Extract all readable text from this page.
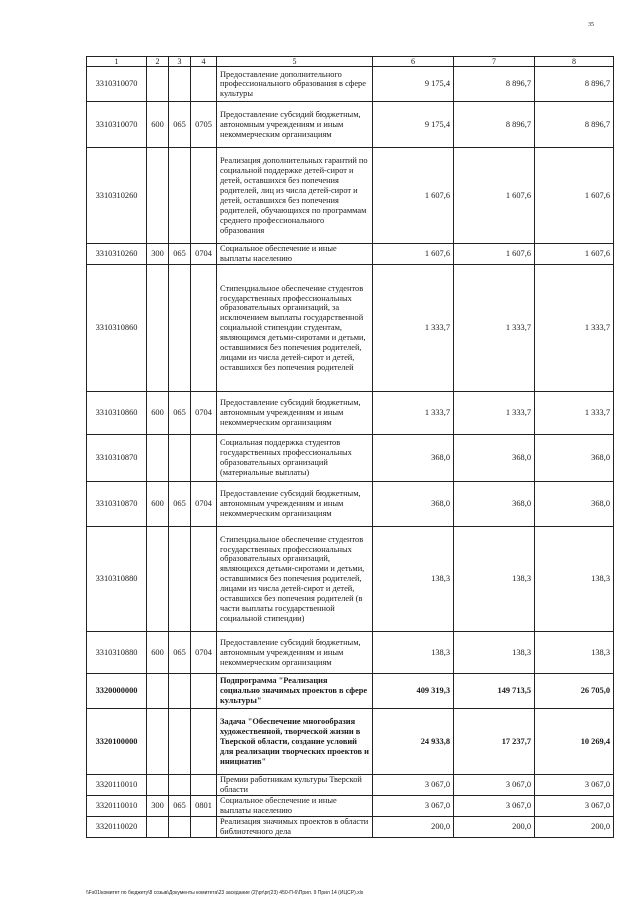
35
1	2	3	4	5	6	7	8
3310310070				Предоставление дополнительного профессионального образования в сфере культуры	9 175,4	8 896,7	8 896,7
3310310070	600	065	0705	Предоставление субсидий бюджетным, автономным учреждениям и иным некоммерческим организациям	9 175,4	8 896,7	8 896,7
3310310260				Реализация дополнительных гарантий по социальной поддержке детей-сирот и детей, оставшихся без попечения родителей, лиц из числа детей-сирот и детей, оставшихся без попечения родителей, обучающихся по программам среднего профессионального образования	1 607,6	1 607,6	1 607,6
3310310260	300	065	0704	Социальное обеспечение и иные выплаты населению	1 607,6	1 607,6	1 607,6
3310310860				Стипендиальное обеспечение студентов государственных профессиональных образовательных организаций, за исключением выплаты государственной социальной стипендии студентам, являющимся детьми-сиротами и детьми, оставшимися без попечения родителей, лицами из числа детей-сирот и детей, оставшихся без попечения родителей	1 333,7	1 333,7	1 333,7
3310310860	600	065	0704	Предоставление субсидий бюджетным, автономным учреждениям и иным некоммерческим организациям	1 333,7	1 333,7	1 333,7
3310310870				Социальная поддержка студентов государственных профессиональных образовательных организаций (материальные выплаты)	368,0	368,0	368,0
3310310870	600	065	0704	Предоставление субсидий бюджетным, автономным учреждениям и иным некоммерческим организациям	368,0	368,0	368,0
3310310880				Стипендиальное обеспечение студентов государственных профессиональных образовательных организаций, являющихся детьми-сиротами и детьми, оставшимися без попечения родителей, лицами из числа детей-сирот и детей, оставшихся без попечения родителей (в части выплаты государственной социальной стипендии)	138,3	138,3	138,3
3310310880	600	065	0704	Предоставление субсидий бюджетным, автономным учреждениям и иным некоммерческим организациям	138,3	138,3	138,3
3320000000				Подпрограмма "Реализация социально значимых проектов в сфере культуры"	409 319,3	149 713,5	26 705,0
3320100000				Задача "Обеспечение многообразия художественной, творческой жизни в Тверской области, создание условий для реализации творческих проектов и инициатив"	24 933,8	17 237,7	10 269,4
3320110010				Премии работникам культуры Тверской области	3 067,0	3 067,0	3 067,0
3320110010	300	065	0801	Социальное обеспечение и иные выплаты населению	3 067,0	3 067,0	3 067,0
3320110020				Реализация значимых проектов в области библиотечного дела	200,0	200,0	200,0
\\Fs01\комитет по бюджету\8 созыв\Документы комитета\23 заседание (2)\pr\pr(23) 450-П-6\Прил. 9 Прил 14 (ИЦСР).xls
